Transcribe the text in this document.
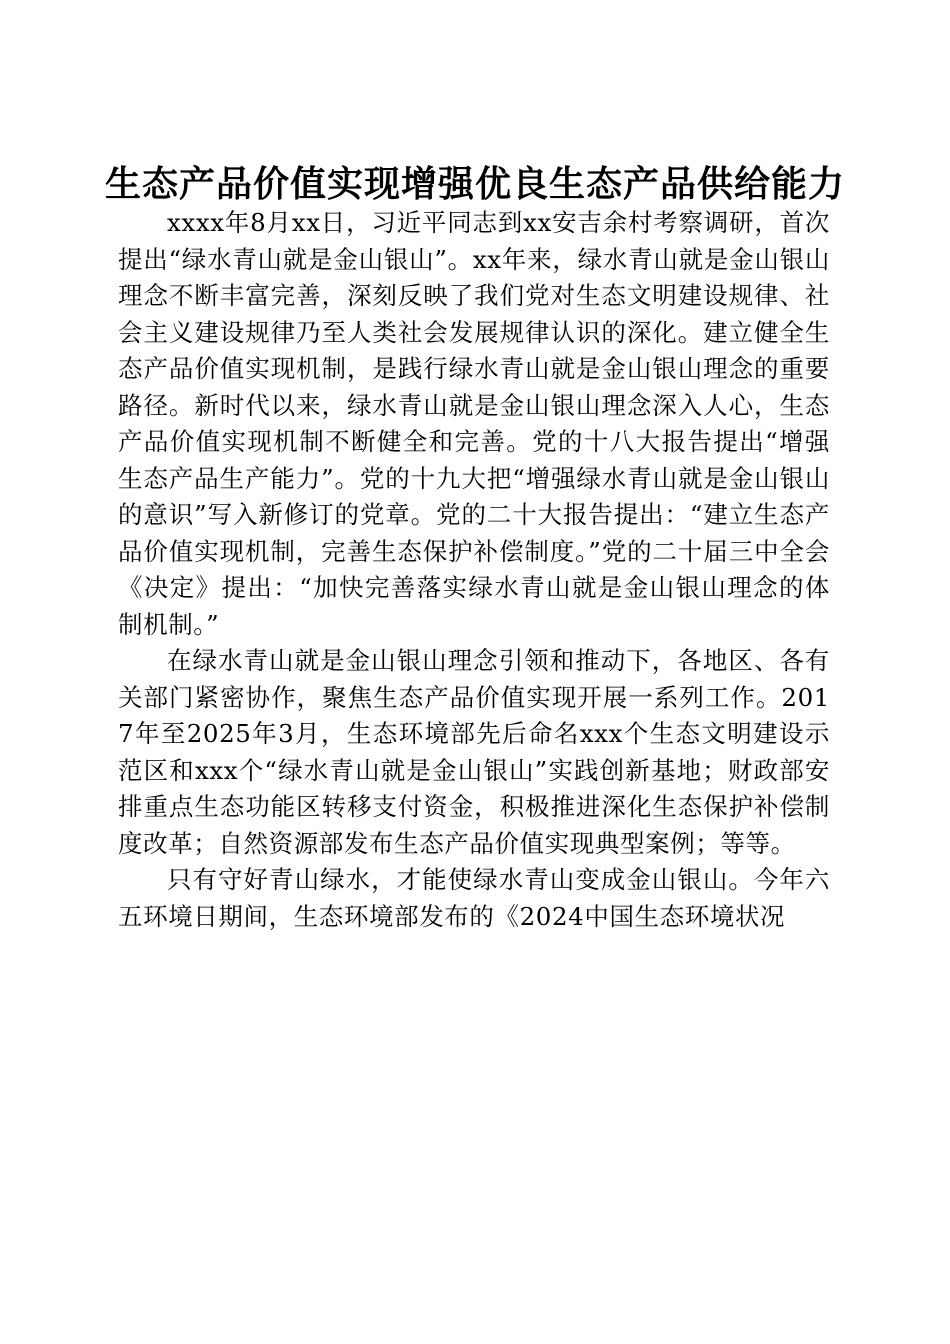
生态产品价值实现增强优良生态产品供给能力

xxxx年8月xx日，习近平同志到xx安吉余村考察调研，首次提出“绿水青山就是金山银山”。xx年来，绿水青山就是金山银山理念不断丰富完善，深刻反映了我们党对生态文明建设规律、社会主义建设规律乃至人类社会发展规律认识的深化。建立健全生态产品价值实现机制，是践行绿水青山就是金山银山理念的重要路径。新时代以来，绿水青山就是金山银山理念深入人心，生态产品价值实现机制不断健全和完善。党的十八大报告提出“增强生态产品生产能力”。党的十九大把“增强绿水青山就是金山银山的意识”写入新修订的党章。党的二十大报告提出：“建立生态产品价值实现机制，完善生态保护补偿制度。”党的二十届三中全会《决定》提出：“加快完善落实绿水青山就是金山银山理念的体制机制。”

在绿水青山就是金山银山理念引领和推动下，各地区、各有关部门紧密协作，聚焦生态产品价值实现开展一系列工作。2017年至2025年3月，生态环境部先后命名xxx个生态文明建设示范区和xxx个“绿水青山就是金山银山”实践创新基地；财政部安排重点生态功能区转移支付资金，积极推进深化生态保护补偿制度改革；自然资源部发布生态产品价值实现典型案例；等等。

只有守好青山绿水，才能使绿水青山变成金山银山。今年六五环境日期间，生态环境部发布的《2024中国生态环境状况
